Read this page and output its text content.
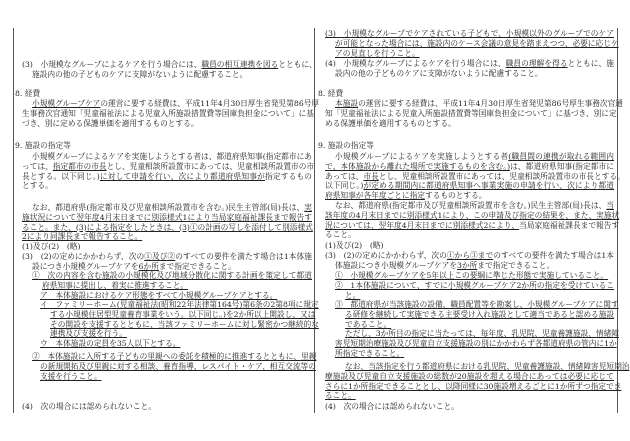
(3)　小規模なグループによるケアを行う場合には、職員の相互連携を図るとともに、
施設内の他の子どものケアに支障がないように配慮すること。
8. 経費
小規模グループケアの運営に要する経費は、平成11年4月30日厚生省発児第86号厚
生事務次官通知「児童福祉法による児童入所施設措置費等国庫負担金について」に基
づき、別に定める保護単価を適用するものとする。
9. 施設の指定等
小規模グループによるケアを実施しようとする者は、都道府県知事(指定都市にあ
っては、指定都市の市長とし、児童相談所設置市にあっては、児童相談所設置市の市
長とする。以下同じ。)に対して申請を行い、次により都道府県知事が指定するもの
とする。
なお、都道府県(指定都市及び児童相談所設置市を含む。)民生主管部(局)長は、実
施状況について翌年度4月末日までに別添様式1により当局家庭福祉課長まで報告す
ること。また、(3)による指定をしたときは、(3)①の計画の写しを添付して別添様式
2により同課長まで報告すること。
(1)及び(2)　(略)
(3)　(2)の定めにかかわらず、次の①及び②のすべての要件を満たす場合は1本体施
設につき小規模グループケアを6か所まで指定できること。
①　次の内容を含む施設の小規模化及び地域分散化に関する計画を策定して都道
府県知事に提出し、着実に推進すること。
ア　本体施設におけるケア形態をすべて小規模グループケアとする。
イ　ファミリーホーム(児童福祉法(昭和22年法律第164号)第6条の2第8項に規定
する小規模住居型児童養育事業をいう。以下同じ。)を2か所以上開設し、又は
その開設を支援するとともに、当該ファミリーホームに対し緊密かつ継続的な
連携及び支援を行う。
ウ　本体施設の定員を35人以下とする。
②　本体施設に入所する子どもの里親への委託を積極的に推進するとともに、里親
の新規開拓及び里親に対する相談、養育指導、レスパイト・ケア、相互交流等の
支援を行うこと。
(4)　次の場合には認められないこと。
(3)　小規模なグループでケアされている子どもで、小規模以外のグループでのケア
が可能となった場合には、施設内のケース会議の意見を踏まえつつ、必要に応じケ
アの見直しを行うこと。
(4)　小規模なグループによるケアを行う場合には、職員の理解を得るとともに、施
設内の他の子どものケアに支障がないように配慮すること。
8. 経費
本施設の運営に要する経費は、平成11年4月30日厚生省発児第86号厚生事務次官通
知「児童福祉法による児童入所施設措置費等国庫負担金について」に基づき、別に定
める保護単価を適用するものとする。
9. 施設の指定等
小規模グループによるケアを実施しようとする者(職員間の連携が取れる範囲内
で、本体施設から離れた場所で実施するものを含む。)は、都道府県知事(指定都市に
あっては、市長とし、児童相談所設置市にあっては、児童相談所設置市の市長とする。
以下同じ。)が定める期間内に都道府県知事へ事業実施の申請を行い、次により都道
府県知事が各年度ごとに指定するものとする。
なお、都道府県(指定都市及び児童相談所設置市を含む。)民生主管部(局)長は、当
該年度の4月末日までに別添様式1により、この申請及び指定の結果を、また、実施状
況については、翌年度4月末日までに別添様式2により、当局家庭福祉課長まで報告す
ること。
(1)及び(2)　(略)
(3)　(2)の定めにかかわらず、次の①から③までのすべての要件を満たす場合は1本
体施設につき小規模グループケアを3か所まで指定できること。
①　小規模グループケアを5年以上この要綱に準じた形態で実施していること。
②　1本体施設について、すでに小規模グループケア2か所の指定を受けているこ
と。
③　都道府県が当該施設の設備、職員配置等を勘案し、小規模グループケアに関す
る研修を継続して実施できる主要受け入れ施設として適当であると認める施設
であること。
ただし、3か所目の指定に当たっては、毎年度、乳児院、児童養護施設、情緒障
害児短期治療施設及び児童自立支援施設の別にかかわらず各都道府県の管内に1か
所指定できること。
なお、当該指定を行う都道府県における乳児院、児童養護施設、情緒障害児短期治
療施設及び児童自立支援施設の総数が20施設を超える場合にあっては必要に応じて
さらに1か所指定できることとし、以降同様に30施設増えるごとに1か所ずつ指定でき
ること。
(4)　次の場合には認められないこと。
